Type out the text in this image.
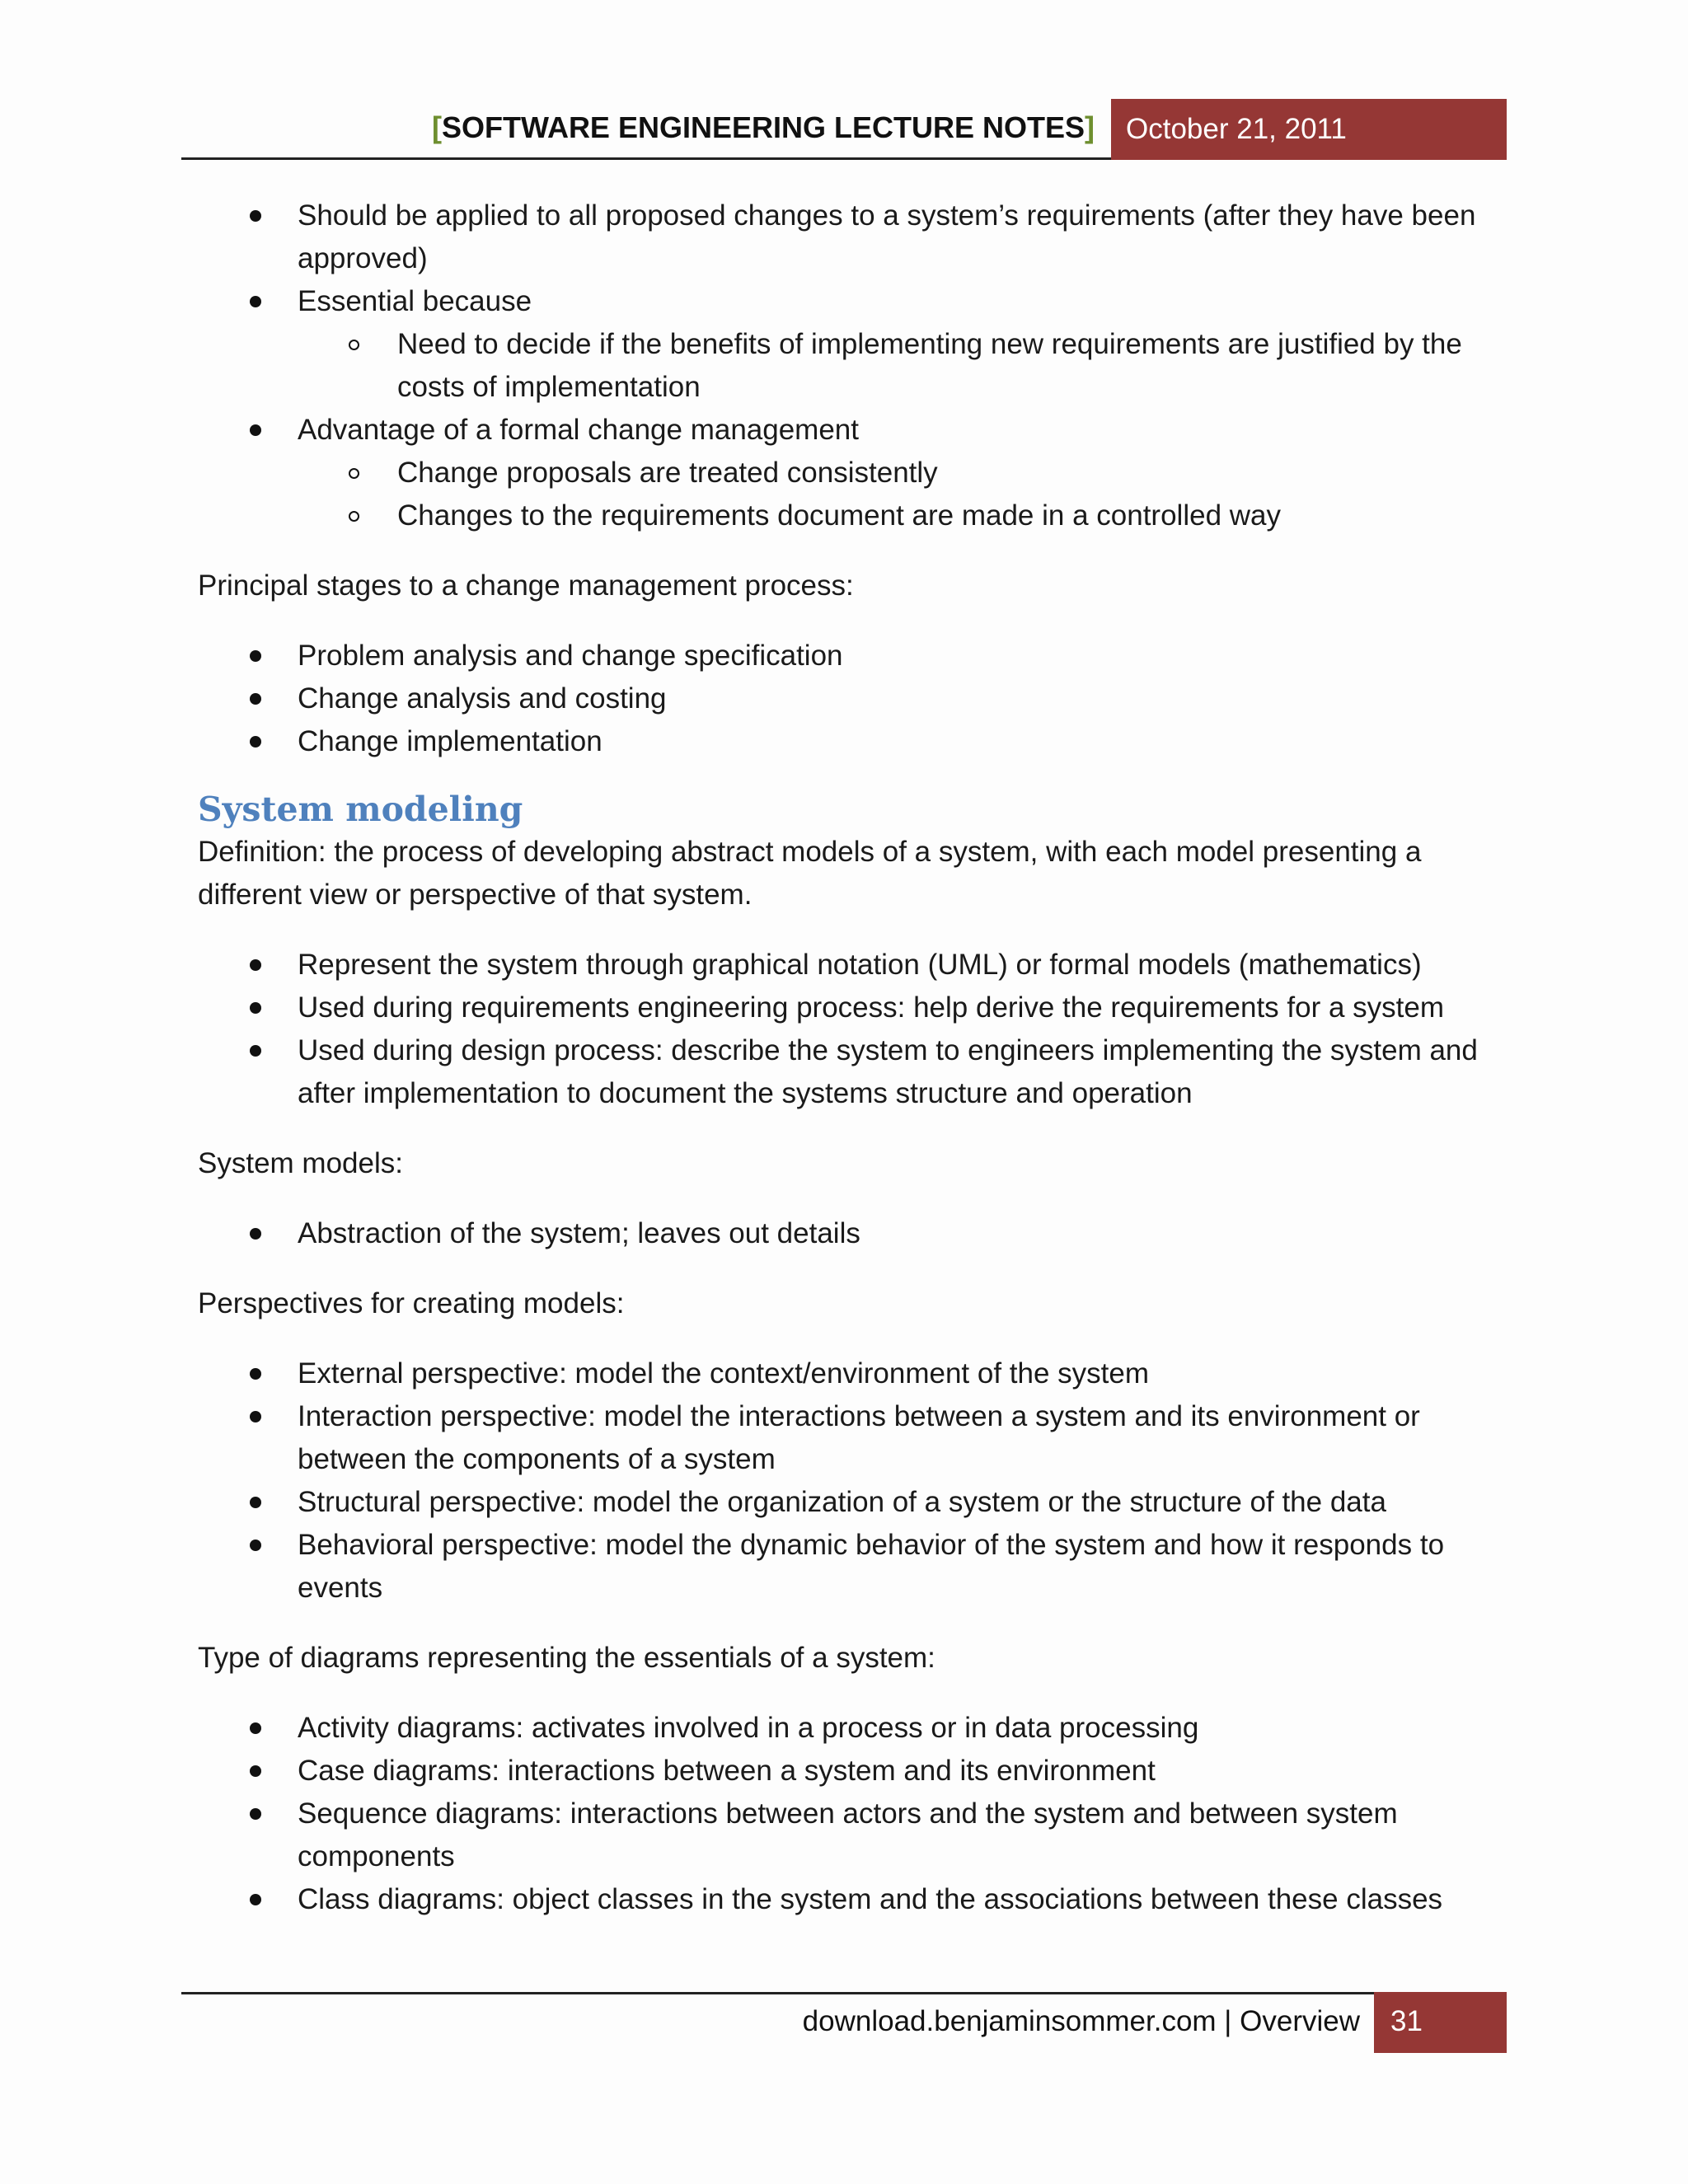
[SOFTWARE ENGINEERING LECTURE NOTES] October 21, 2011
Should be applied to all proposed changes to a system’s requirements (after they have been approved)
Essential because
Need to decide if the benefits of implementing new requirements are justified by the costs of implementation
Advantage of a formal change management
Change proposals are treated consistently
Changes to the requirements document are made in a controlled way

Principal stages to a change management process:

Problem analysis and change specification
Change analysis and costing
Change implementation
System modeling

Definition: the process of developing abstract models of a system, with each model presenting a different view or perspective of that system.

Represent the system through graphical notation (UML) or formal models (mathematics)
Used during requirements engineering process: help derive the requirements for a system
Used during design process: describe the system to engineers implementing the system and after implementation to document the systems structure and operation

System models:

Abstraction of the system; leaves out details

Perspectives for creating models:

External perspective: model the context/environment of the system
Interaction perspective: model the interactions between a system and its environment or between the components of a system
Structural perspective: model the organization of a system or the structure of the data
Behavioral perspective: model the dynamic behavior of the system and how it responds to events

Type of diagrams representing the essentials of a system:

Activity diagrams: activates involved in a process or in data processing
Case diagrams: interactions between a system and its environment
Sequence diagrams: interactions between actors and the system and between system components
Class diagrams: object classes in the system and the associations between these classes
download.benjaminsommer.com | Overview 31
